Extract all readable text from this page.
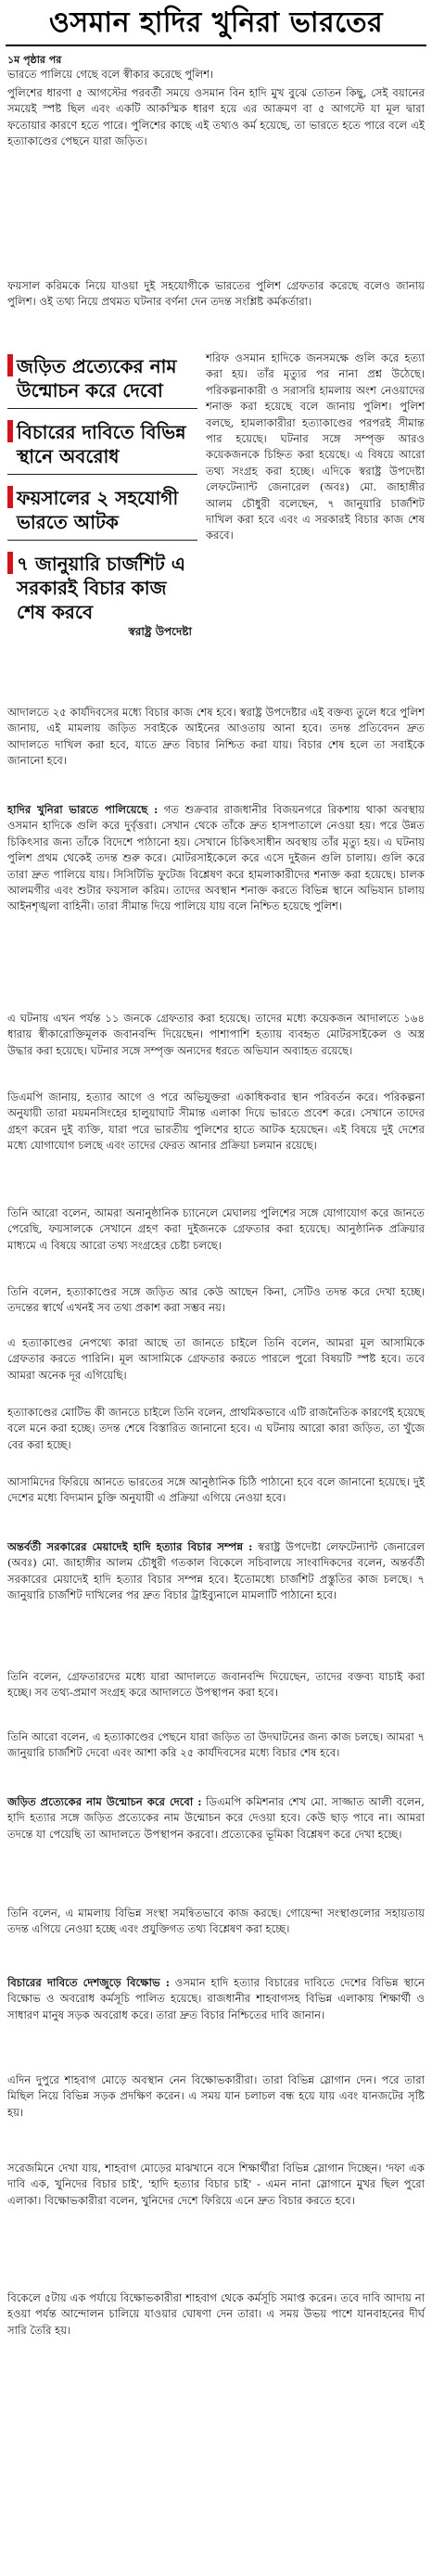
ওসমান হাদির খুনিরা ভারতের
১ম পৃষ্ঠার পর
ভারতে পালিয়ে গেছে বলে স্বীকার করেছে পুলিশ।
পুলিশের ধারণা ৫ আগস্টের পরবর্তী সময়ে ওসমান বিন হাদি মুখ বুঝে তোতন কিছু, সেই বয়ানের সময়েই স্পষ্ট ছিল এবং একটি আকস্মিক ধারণ হয়ে এর আক্রমণ বা ৫ আগস্টে যা মূল দ্বারা ফতোয়ার কারণে হতে পারে। পুলিশের কাছে এই তথ্যও কর্ম হয়েছে, তা ভারতে হতে পারে বলে এই হত্যাকাণ্ডের পেছনে যারা জড়িত।
ফয়সাল করিমকে নিয়ে যাওয়া দুই সহযোগীকে ভারতের পুলিশ গ্রেফতার করেছে বলেও জানায় পুলিশ। ওই তথ্য নিয়ে প্রথমত ঘটনার বর্ণনা দেন তদন্ত সংশ্লিষ্ট কর্মকর্তারা।
জড়িত প্রত্যেকের নাম উন্মোচন করে দেবো
বিচারের দাবিতে বিভিন্ন স্থানে অবরোধ
ফয়সালের ২ সহযোগী ভারতে আটক
৭ জানুয়ারি চার্জশিট এ সরকারই বিচার কাজ শেষ করবে
স্বরাষ্ট্র উপদেষ্টা
শরিফ ওসমান হাদিকে জনসমক্ষে গুলি করে হত্যা করা হয়। তাঁর মৃত্যুর পর নানা প্রশ্ন উঠেছে। পরিকল্পনাকারী ও সরাসরি হামলায় অংশ নেওয়াদের শনাক্ত করা হয়েছে বলে জানায় পুলিশ। পুলিশ বলছে, হামলাকারীরা হত্যাকাণ্ডের পরপরই সীমান্ত পার হয়েছে। ঘটনার সঙ্গে সম্পৃক্ত আরও কয়েকজনকে চিহ্নিত করা হয়েছে। এ বিষয়ে আরো তথ্য সংগ্রহ করা হচ্ছে। এদিকে স্বরাষ্ট্র উপদেষ্টা লেফটেন্যান্ট জেনারেল (অবঃ) মো. জাহাঙ্গীর আলম চৌধুরী বলেছেন, ৭ জানুয়ারি চার্জশিট দাখিল করা হবে এবং এ সরকারই বিচার কাজ শেষ করবে।
আদালতে ২৫ কার্যদিবসের মধ্যে বিচার কাজ শেষ হবে। স্বরাষ্ট্র উপদেষ্টার এই বক্তব্য তুলে ধরে পুলিশ জানায়, এই মামলায় জড়িত সবাইকে আইনের আওতায় আনা হবে। তদন্ত প্রতিবেদন দ্রুত আদালতে দাখিল করা হবে, যাতে দ্রুত বিচার নিশ্চিত করা যায়। বিচার শেষ হলে তা সবাইকে জানানো হবে।
হাদির খুনিরা ভারতে পালিয়েছে : গত শুক্রবার রাজধানীর বিজয়নগরে রিকশায় থাকা অবস্থায় ওসমান হাদিকে গুলি করে দুর্বৃত্তরা। সেখান থেকে তাঁকে দ্রুত হাসপাতালে নেওয়া হয়। পরে উন্নত চিকিৎসার জন্য তাঁকে বিদেশে পাঠানো হয়। সেখানে চিকিৎসাধীন অবস্থায় তাঁর মৃত্যু হয়। এ ঘটনায় পুলিশ প্রথম থেকেই তদন্ত শুরু করে। মোটরসাইকেলে করে এসে দুইজন গুলি চালায়। গুলি করে তারা দ্রুত পালিয়ে যায়। সিসিটিভি ফুটেজ বিশ্লেষণ করে হামলাকারীদের শনাক্ত করা হয়েছে। চালক আলমগীর এবং শুটার ফয়সাল করিম। তাদের অবস্থান শনাক্ত করতে বিভিন্ন স্থানে অভিযান চালায় আইনশৃঙ্খলা বাহিনী। তারা সীমান্ত দিয়ে পালিয়ে যায় বলে নিশ্চিত হয়েছে পুলিশ।
এ ঘটনায় এখন পর্যন্ত ১১ জনকে গ্রেফতার করা হয়েছে। তাদের মধ্যে কয়েকজন আদালতে ১৬৪ ধারায় স্বীকারোক্তিমূলক জবানবন্দি দিয়েছেন। পাশাপাশি হত্যায় ব্যবহৃত মোটরসাইকেল ও অস্ত্র উদ্ধার করা হয়েছে। ঘটনার সঙ্গে সম্পৃক্ত অন্যদের ধরতে অভিযান অব্যাহত রয়েছে।
ডিএমপি জানায়, হত্যার আগে ও পরে অভিযুক্তরা একাধিকবার স্থান পরিবর্তন করে। পরিকল্পনা অনুযায়ী তারা ময়মনসিংহের হালুয়াঘাট সীমান্ত এলাকা দিয়ে ভারতে প্রবেশ করে। সেখানে তাদের গ্রহণ করেন দুই ব্যক্তি, যারা পরে ভারতীয় পুলিশের হাতে আটক হয়েছেন। এই বিষয়ে দুই দেশের মধ্যে যোগাযোগ চলছে এবং তাদের ফেরত আনার প্রক্রিয়া চলমান রয়েছে।
তিনি আরো বলেন, আমরা অনানুষ্ঠানিক চ্যানেলে মেঘালয় পুলিশের সঙ্গে যোগাযোগ করে জানতে পেরেছি, ফয়সালকে সেখানে গ্রহণ করা দুইজনকে গ্রেফতার করা হয়েছে। আনুষ্ঠানিক প্রক্রিয়ার মাধ্যমে এ বিষয়ে আরো তথ্য সংগ্রহের চেষ্টা চলছে।
তিনি বলেন, হত্যাকাণ্ডের সঙ্গে জড়িত আর কেউ আছেন কিনা, সেটিও তদন্ত করে দেখা হচ্ছে। তদন্তের স্বার্থে এখনই সব তথ্য প্রকাশ করা সম্ভব নয়।
এ হত্যাকাণ্ডের নেপথ্যে কারা আছে তা জানতে চাইলে তিনি বলেন, আমরা মূল আসামিকে গ্রেফতার করতে পারিনি। মূল আসামিকে গ্রেফতার করতে পারলে পুরো বিষয়টি স্পষ্ট হবে। তবে আমরা অনেক দূর এগিয়েছি।
হত্যাকাণ্ডের মোটিভ কী জানতে চাইলে তিনি বলেন, প্রাথমিকভাবে এটি রাজনৈতিক কারণেই হয়েছে বলে মনে করা হচ্ছে। তদন্ত শেষে বিস্তারিত জানানো হবে। এ ঘটনায় আরো কারা জড়িত, তা খুঁজে বের করা হচ্ছে।
আসামিদের ফিরিয়ে আনতে ভারতের সঙ্গে আনুষ্ঠানিক চিঠি পাঠানো হবে বলে জানানো হয়েছে। দুই দেশের মধ্যে বিদ্যমান চুক্তি অনুযায়ী এ প্রক্রিয়া এগিয়ে নেওয়া হবে।
অন্তর্বর্তী সরকারের মেয়াদেই হাদি হত্যার বিচার সম্পন্ন : স্বরাষ্ট্র উপদেষ্টা লেফটেন্যান্ট জেনারেল (অবঃ) মো. জাহাঙ্গীর আলম চৌধুরী গতকাল বিকেলে সচিবালয়ে সাংবাদিকদের বলেন, অন্তর্বর্তী সরকারের মেয়াদেই হাদি হত্যার বিচার সম্পন্ন হবে। ইতোমধ্যে চার্জশিট প্রস্তুতির কাজ চলছে। ৭ জানুয়ারি চার্জশিট দাখিলের পর দ্রুত বিচার ট্রাইব্যুনালে মামলাটি পাঠানো হবে।
তিনি বলেন, গ্রেফতারদের মধ্যে যারা আদালতে জবানবন্দি দিয়েছেন, তাদের বক্তব্য যাচাই করা হচ্ছে। সব তথ্য-প্রমাণ সংগ্রহ করে আদালতে উপস্থাপন করা হবে।
তিনি আরো বলেন, এ হত্যাকাণ্ডের পেছনে যারা জড়িত তা উদঘাটনের জন্য কাজ চলছে। আমরা ৭ জানুয়ারি চার্জশিট দেবো এবং আশা করি ২৫ কার্যদিবসের মধ্যে বিচার শেষ হবে।
জড়িত প্রত্যেকের নাম উন্মোচন করে দেবো : ডিএমপি কমিশনার শেখ মো. সাজ্জাত আলী বলেন, হাদি হত্যার সঙ্গে জড়িত প্রত্যেকের নাম উন্মোচন করে দেওয়া হবে। কেউ ছাড় পাবে না। আমরা তদন্তে যা পেয়েছি তা আদালতে উপস্থাপন করবো। প্রত্যেকের ভূমিকা বিশ্লেষণ করে দেখা হচ্ছে।
তিনি বলেন, এ মামলায় বিভিন্ন সংস্থা সমন্বিতভাবে কাজ করছে। গোয়েন্দা সংস্থাগুলোর সহায়তায় তদন্ত এগিয়ে নেওয়া হচ্ছে এবং প্রযুক্তিগত তথ্য বিশ্লেষণ করা হচ্ছে।
বিচারের দাবিতে দেশজুড়ে বিক্ষোভ : ওসমান হাদি হত্যার বিচারের দাবিতে দেশের বিভিন্ন স্থানে বিক্ষোভ ও অবরোধ কর্মসূচি পালিত হয়েছে। রাজধানীর শাহবাগসহ বিভিন্ন এলাকায় শিক্ষার্থী ও সাধারণ মানুষ সড়ক অবরোধ করে। তারা দ্রুত বিচার নিশ্চিতের দাবি জানান।
এদিন দুপুরে শাহবাগ মোড়ে অবস্থান নেন বিক্ষোভকারীরা। তারা বিভিন্ন স্লোগান দেন। পরে তারা মিছিল নিয়ে বিভিন্ন সড়ক প্রদক্ষিণ করেন। এ সময় যান চলাচল বন্ধ হয়ে যায় এবং যানজটের সৃষ্টি হয়।
সরেজমিনে দেখা যায়, শাহবাগ মোড়ের মাঝখানে বসে শিক্ষার্থীরা বিভিন্ন স্লোগান দিচ্ছেন। 'দফা এক দাবি এক, খুনিদের বিচার চাই', 'হাদি হত্যার বিচার চাই' - এমন নানা স্লোগানে মুখর ছিল পুরো এলাকা। বিক্ষোভকারীরা বলেন, খুনিদের দেশে ফিরিয়ে এনে দ্রুত বিচার করতে হবে।
বিকেলে ৫টায় এক পর্যায়ে বিক্ষোভকারীরা শাহবাগ থেকে কর্মসূচি সমাপ্ত করেন। তবে দাবি আদায় না হওয়া পর্যন্ত আন্দোলন চালিয়ে যাওয়ার ঘোষণা দেন তারা। এ সময় উভয় পাশে যানবাহনের দীর্ঘ সারি তৈরি হয়।
